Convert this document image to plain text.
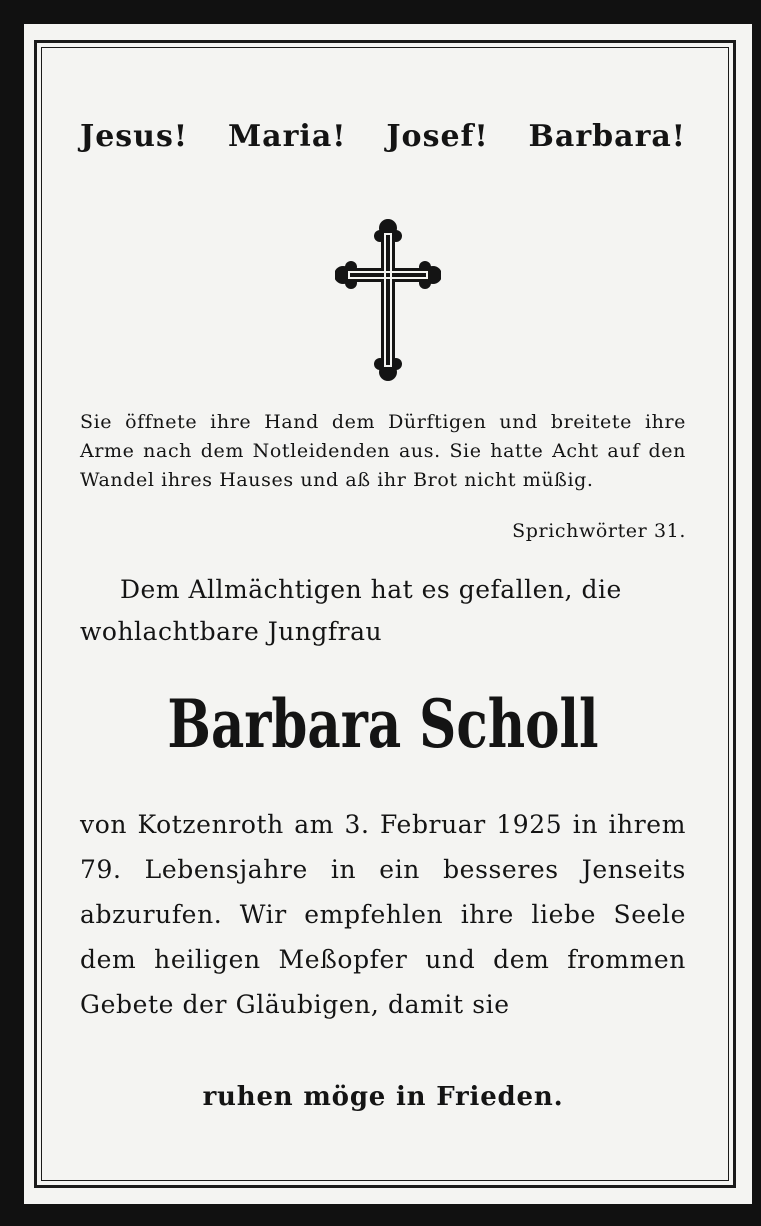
Jesus! Maria! Josef! Barbara!
Sie öffnete ihre Hand dem Dürftigen und breitete ihre Arme nach dem Notleidenden aus. Sie hatte Acht auf den Wandel ihres Hauses und aß ihr Brot nicht müßig.
Sprichwörter 31.
Dem Allmächtigen hat es gefallen, die wohlachtbare Jungfrau
Barbara Scholl
von Kotzenroth am 3. Februar 1925 in ihrem 79. Lebensjahre in ein besseres Jenseits abzurufen. Wir empfehlen ihre liebe Seele dem heiligen Meßopfer und dem frommen Gebete der Gläubigen, damit sie
ruhen möge in Frieden.
